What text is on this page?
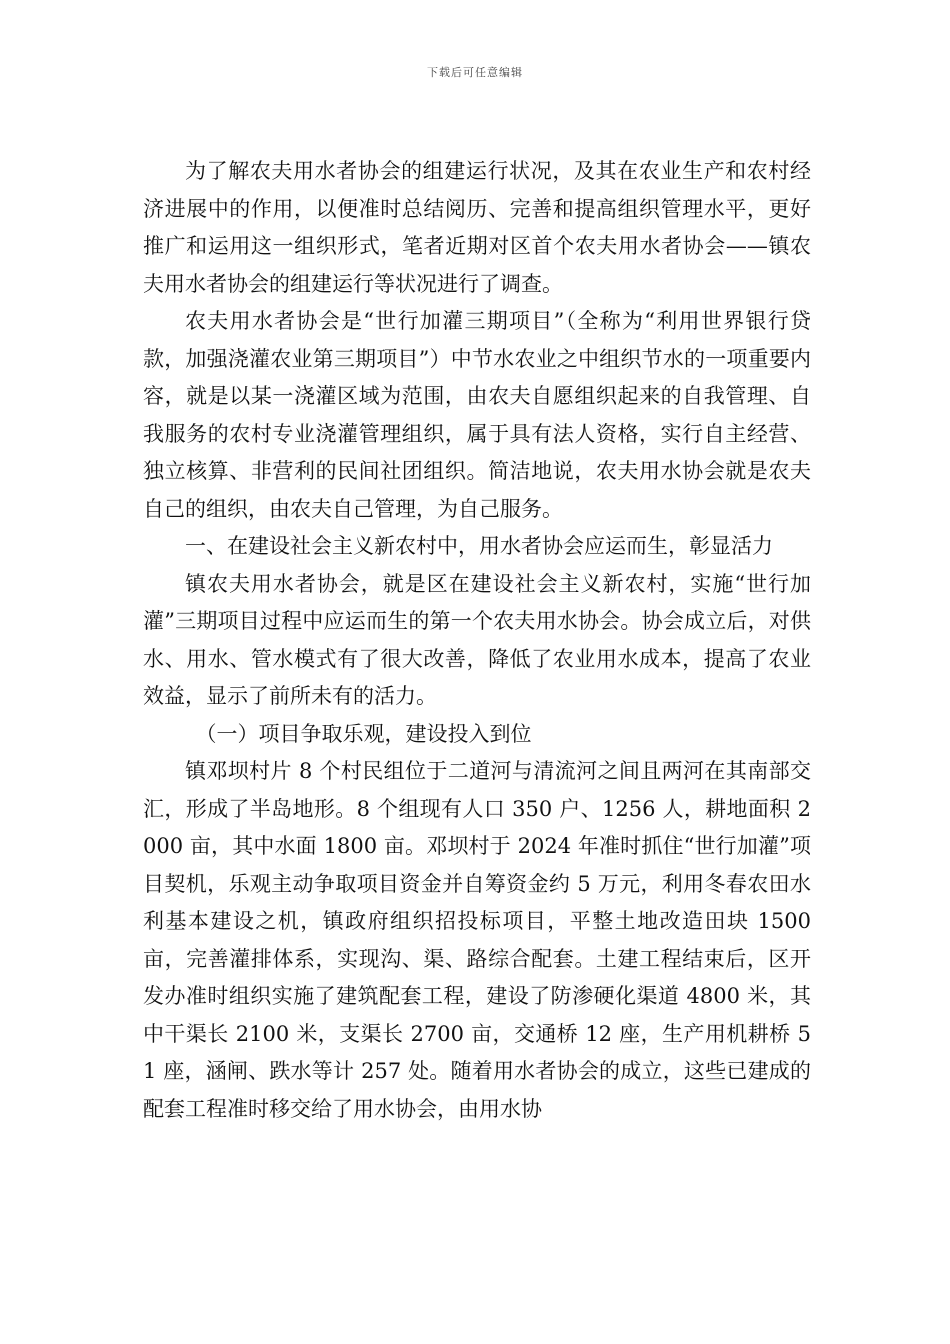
下载后可任意编辑

为了解农夫用水者协会的组建运行状况，及其在农业生产和农村经济进展中的作用，以便准时总结阅历、完善和提高组织管理水平，更好推广和运用这一组织形式，笔者近期对区首个农夫用水者协会——镇农夫用水者协会的组建运行等状况进行了调查。

农夫用水者协会是“世行加灌三期项目”（全称为“利用世界银行贷款，加强浇灌农业第三期项目”）中节水农业之中组织节水的一项重要内容，就是以某一浇灌区域为范围，由农夫自愿组织起来的自我管理、自我服务的农村专业浇灌管理组织，属于具有法人资格，实行自主经营、独立核算、非营利的民间社团组织。简洁地说，农夫用水协会就是农夫自己的组织，由农夫自己管理，为自己服务。

一、在建设社会主义新农村中，用水者协会应运而生，彰显活力

镇农夫用水者协会，就是区在建设社会主义新农村，实施“世行加灌”三期项目过程中应运而生的第一个农夫用水协会。协会成立后，对供水、用水、管水模式有了很大改善，降低了农业用水成本，提高了农业效益，显示了前所未有的活力。

（一）项目争取乐观，建设投入到位

镇邓坝村片 8 个村民组位于二道河与清流河之间且两河在其南部交汇，形成了半岛地形。8 个组现有人口 350 户、1256 人，耕地面积 2000 亩，其中水面 1800 亩。邓坝村于 2024 年准时抓住“世行加灌”项目契机，乐观主动争取项目资金并自筹资金约 5 万元，利用冬春农田水利基本建设之机，镇政府组织招投标项目，平整土地改造田块 1500 亩，完善灌排体系，实现沟、渠、路综合配套。土建工程结束后，区开发办准时组织实施了建筑配套工程，建设了防渗硬化渠道 4800 米，其中干渠长 2100 米，支渠长 2700 亩，交通桥 12 座，生产用机耕桥 51 座，涵闸、跌水等计 257 处。随着用水者协会的成立，这些已建成的配套工程准时移交给了用水协会，由用水协
